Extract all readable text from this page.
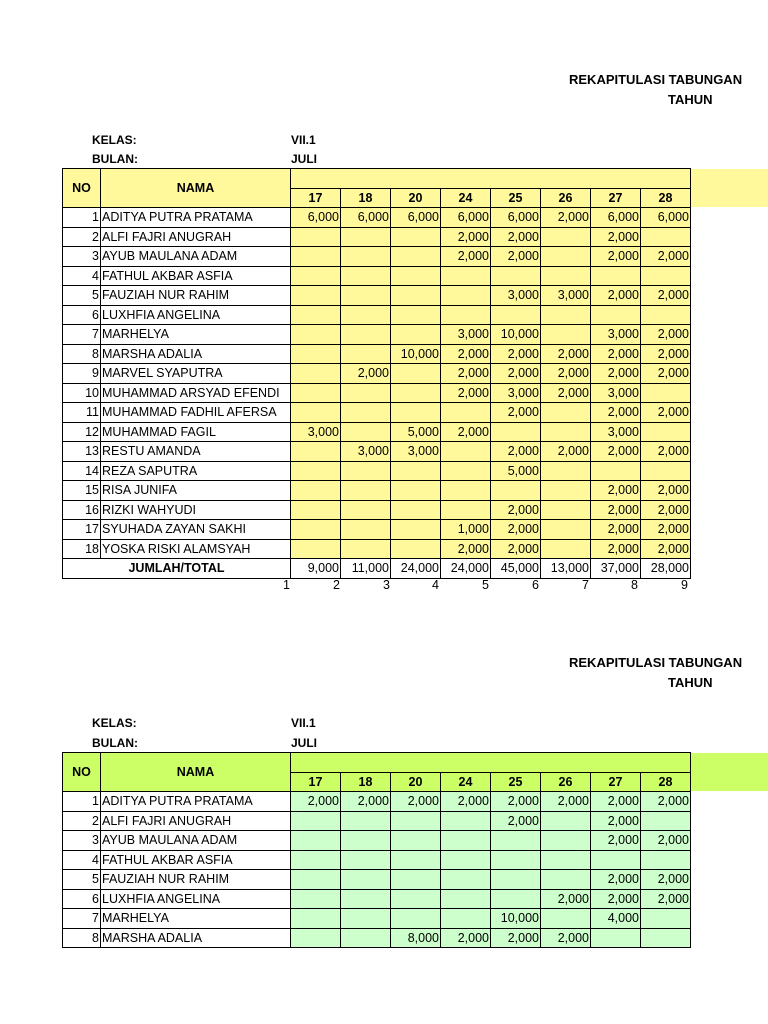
REKAPITULASI TABUNGAN
TAHUN
KELAS:	VII.1
BULAN:	JULI
NO	NAMA								
		17	18	20	24	25	26	27	28
1	ADITYA PUTRA PRATAMA	6,000	6,000	6,000	6,000	6,000	2,000	6,000	6,000
2	ALFI FAJRI ANUGRAH				2,000	2,000		2,000	
3	AYUB MAULANA ADAM				2,000	2,000		2,000	2,000
4	FATHUL AKBAR ASFIA								
5	FAUZIAH NUR RAHIM					3,000	3,000	2,000	2,000
6	LUXHFIA ANGELINA								
7	MARHELYA				3,000	10,000		3,000	2,000
8	MARSHA ADALIA			10,000	2,000	2,000	2,000	2,000	2,000
9	MARVEL SYAPUTRA		2,000		2,000	2,000	2,000	2,000	2,000
10	MUHAMMAD ARSYAD EFENDI				2,000	3,000	2,000	3,000	
11	MUHAMMAD FADHIL AFERSA					2,000		2,000	2,000
12	MUHAMMAD FAGIL	3,000		5,000	2,000			3,000	
13	RESTU AMANDA		3,000	3,000		2,000	2,000	2,000	2,000
14	REZA SAPUTRA					5,000			
15	RISA JUNIFA							2,000	2,000
16	RIZKI WAHYUDI					2,000		2,000	2,000
17	SYUHADA ZAYAN SAKHI				1,000	2,000		2,000	2,000
18	YOSKA RISKI ALAMSYAH				2,000	2,000		2,000	2,000
JUMLAH/TOTAL		9,000	11,000	24,000	24,000	45,000	13,000	37,000	28,000
1	2	3	4	5	6	7	8	9
REKAPITULASI TABUNGAN
TAHUN
KELAS:	VII.1
BULAN:	JULI
NO	NAMA								
		17	18	20	24	25	26	27	28
1	ADITYA PUTRA PRATAMA	2,000	2,000	2,000	2,000	2,000	2,000	2,000	2,000
2	ALFI FAJRI ANUGRAH					2,000		2,000	
3	AYUB MAULANA ADAM							2,000	2,000
4	FATHUL AKBAR ASFIA								
5	FAUZIAH NUR RAHIM							2,000	2,000
6	LUXHFIA ANGELINA						2,000	2,000	2,000
7	MARHELYA					10,000		4,000	
8	MARSHA ADALIA			8,000	2,000	2,000	2,000		
